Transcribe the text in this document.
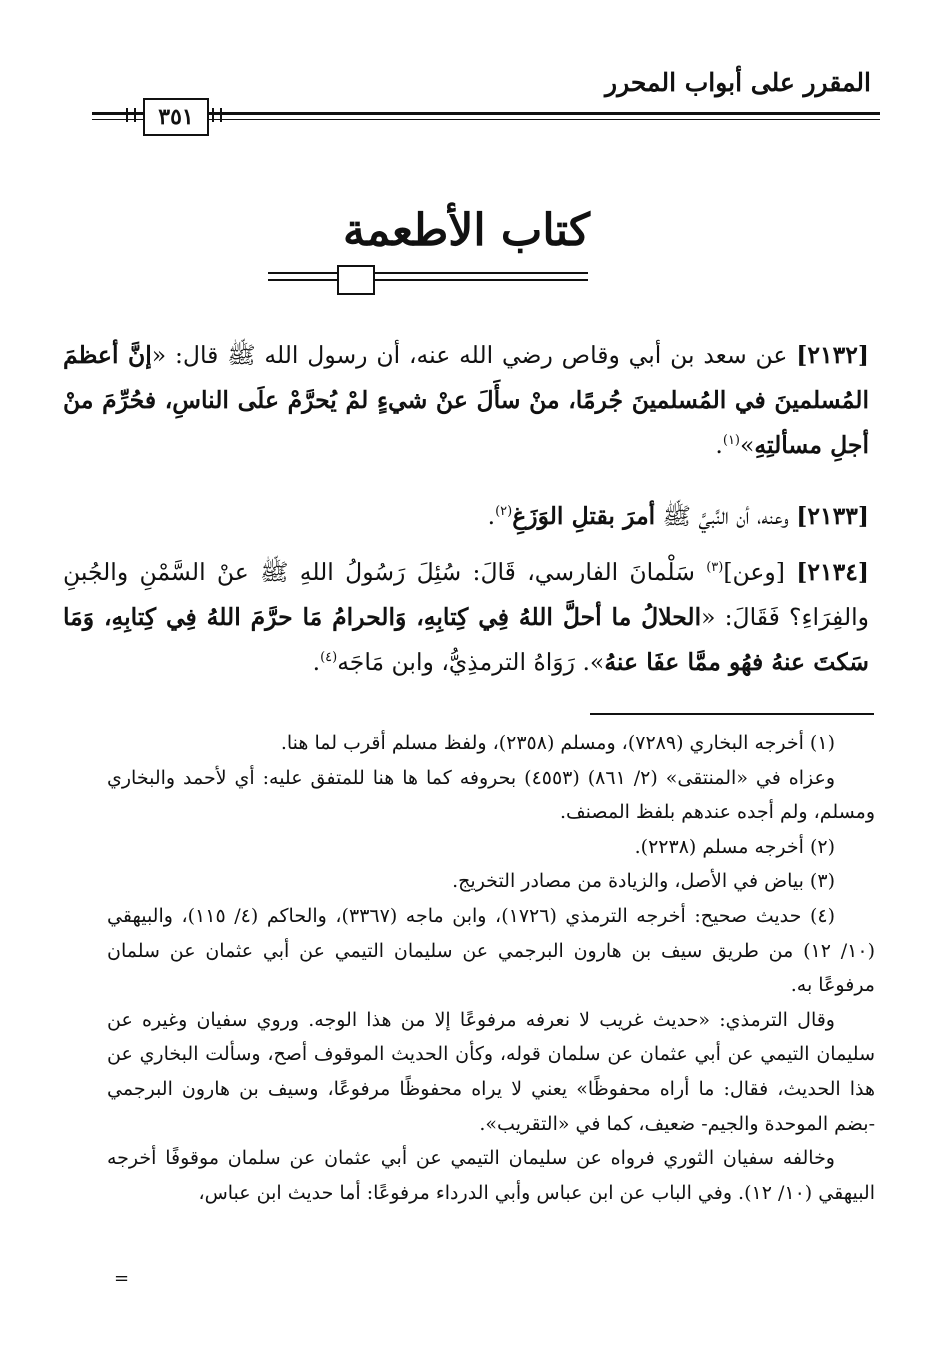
المقرر على أبواب المحرر
٣٥١
كتاب الأطعمة
[٢١٣٢] عن سعد بن أبي وقاص رضي الله عنه، أن رسول الله ﷺ قال: «إنَّ أعظمَ المُسلمينَ في المُسلمينَ جُرمًا، منْ سأَلَ عنْ شيءٍ لمْ يُحرَّمْ علَى الناسِ، فحُرِّمَ منْ أجلِ مسألتِهِ»$^{(١)}$.
[٢١٣٣] وعنه، أن النَّبيَّ ﷺ أمرَ بقتلِ الوَزَغِ$^{(٢)}$.
[٢١٣٤] [وعن]$^{(٣)}$ سَلْمانَ الفارسي، قَالَ: سُئِلَ رَسُولُ اللهِ ﷺ عنْ السَّمْنِ والجُبنِ والفِرَاءِ؟ فَقَالَ: «الحلالُ ما أحلَّ اللهُ فِي كِتابِهِ، وَالحرامُ مَا حرَّمَ اللهُ فِي كِتابِهِ، وَمَا سَكتَ عنهُ فهُو ممَّا عفَا عنهُ». رَوَاهُ الترمذِيُّ، وابن مَاجَه$^{(٤)}$.

(١) أخرجه البخاري (٧٢٨٩)، ومسلم (٢٣٥٨)، ولفظ مسلم أقرب لما هنا.

وعزاه في «المنتقى» (٢/ ٨٦١) (٤٥٥٣) بحروفه كما ها هنا للمتفق عليه: أي لأحمد والبخاري ومسلم، ولم أجده عندهم بلفظ المصنف.

(٢) أخرجه مسلم (٢٢٣٨).

(٣) بياض في الأصل، والزيادة من مصادر التخريج.

(٤) حديث صحيح: أخرجه الترمذي (١٧٢٦)، وابن ماجه (٣٣٦٧)، والحاكم (٤/ ١١٥)، والبيهقي (١٠/ ١٢) من طريق سيف بن هارون البرجمي عن سليمان التيمي عن أبي عثمان عن سلمان مرفوعًا به.

وقال الترمذي: «حديث غريب لا نعرفه مرفوعًا إلا من هذا الوجه. وروي سفيان وغيره عن سليمان التيمي عن أبي عثمان عن سلمان قوله، وكأن الحديث الموقوف أصح، وسألت البخاري عن هذا الحديث، فقال: ما أراه محفوظًا» يعني لا يراه محفوظًا مرفوعًا، وسيف بن هارون البرجمي -بضم الموحدة والجيم- ضعيف، كما في «التقريب».

وخالفه سفيان الثوري فرواه عن سليمان التيمي عن أبي عثمان عن سلمان موقوفًا أخرجه البيهقي (١٠/ ١٢). وفي الباب عن ابن عباس وأبي الدرداء مرفوعًا: أما حديث ابن عباس،

=
